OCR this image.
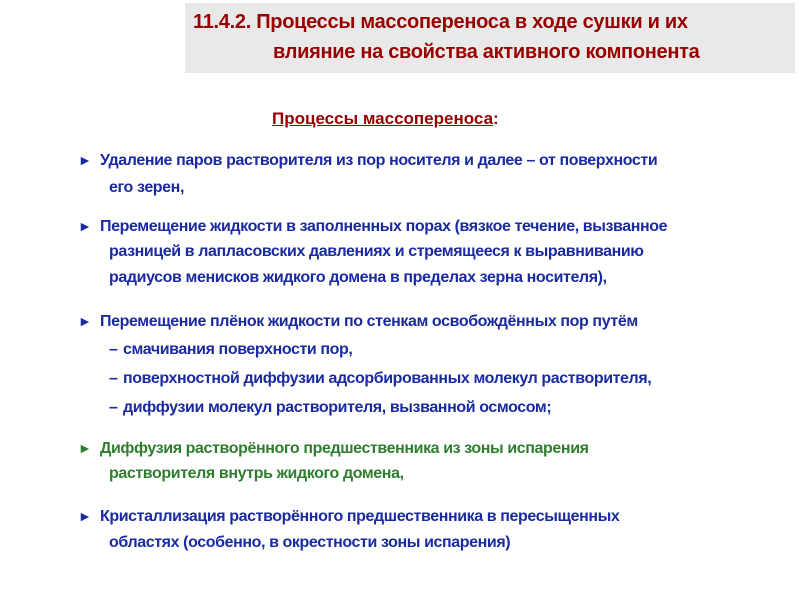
11.4.2. Процессы массопереноса в ходе сушки и их
влияние на свойства активного компонента
Процессы массопереноса:
► Удаление паров растворителя из пор носителя и далее – от поверхности
его зерен,
► Перемещение жидкости в заполненных порах (вязкое течение, вызванное
разницей в лапласовских давлениях и стремящееся к выравниванию
радиусов менисков жидкого домена в пределах зерна носителя),
► Перемещение плёнок жидкости по стенкам освобождённых пор путём
– смачивания поверхности пор,
– поверхностной диффузии адсорбированных молекул растворителя,
– диффузии молекул растворителя, вызванной осмосом;
► Диффузия растворённого предшественника из зоны испарения
растворителя внутрь жидкого домена,
► Кристаллизация растворённого предшественника в пересыщенных
областях (особенно, в окрестности зоны испарения)
